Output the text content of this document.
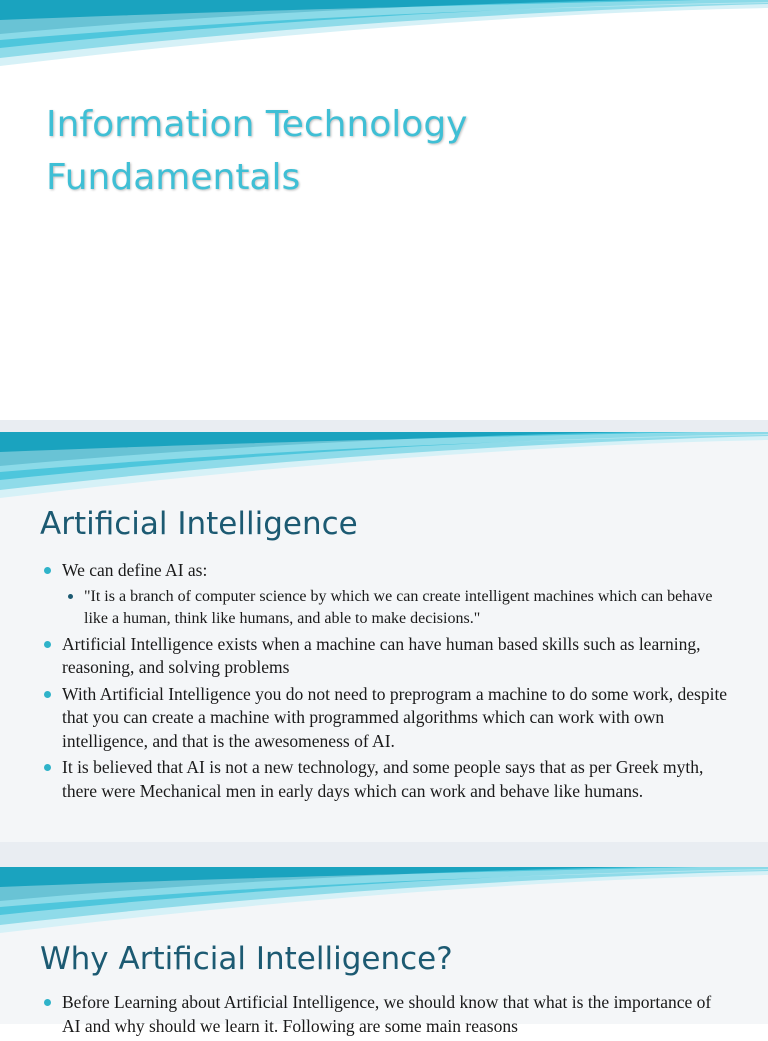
Information Technology
Fundamentals
Artificial Intelligence
We can define AI as:
"It is a branch of computer science by which we can create intelligent machines which can behave like a human, think like humans, and able to make decisions."
Artificial Intelligence exists when a machine can have human based skills such as learning, reasoning, and solving problems
With Artificial Intelligence you do not need to preprogram a machine to do some work, despite that you can create a machine with programmed algorithms which can work with own intelligence, and that is the awesomeness of AI.
It is believed that AI is not a new technology, and some people says that as per Greek myth, there were Mechanical men in early days which can work and behave like humans.
Why Artificial Intelligence?
Before Learning about Artificial Intelligence, we should know that what is the importance of AI and why should we learn it. Following are some main reasons
